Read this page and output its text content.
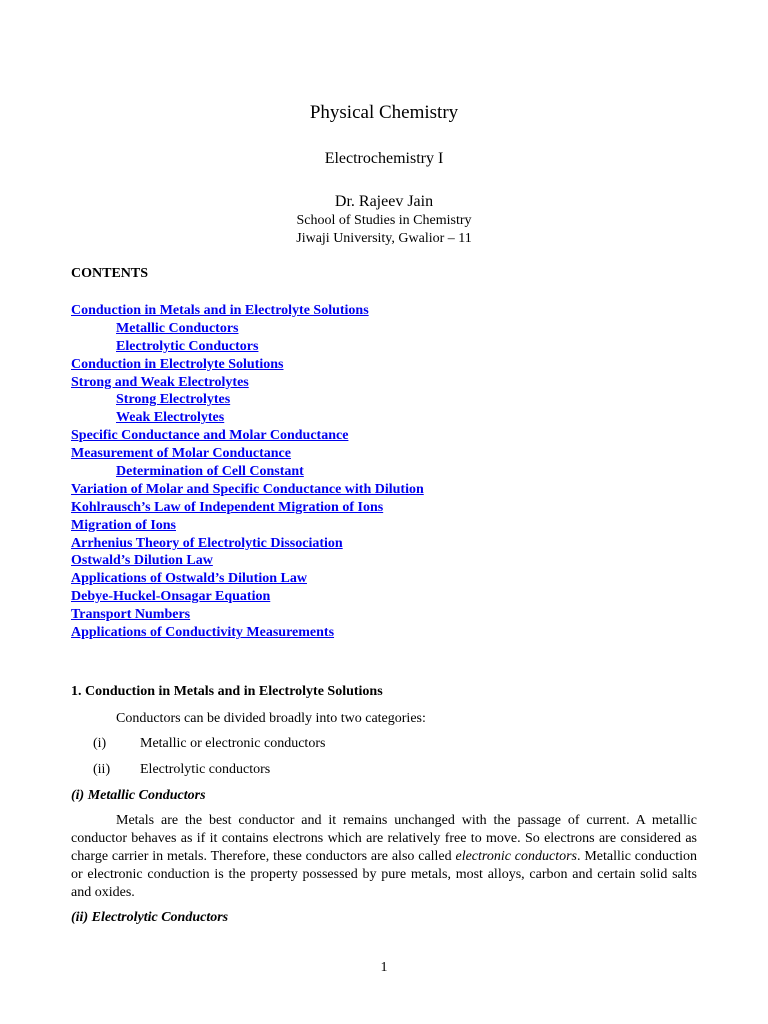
Physical Chemistry
Electrochemistry I
Dr. Rajeev Jain
School of Studies in Chemistry
Jiwaji University, Gwalior – 11
CONTENTS
Conduction in Metals and in Electrolyte Solutions
Metallic Conductors
Electrolytic Conductors
Conduction in Electrolyte Solutions
Strong and Weak Electrolytes
Strong Electrolytes
Weak Electrolytes
Specific Conductance and Molar Conductance
Measurement of Molar Conductance
Determination of Cell Constant
Variation of Molar and Specific Conductance with Dilution
Kohlrausch’s Law of Independent Migration of Ions
Migration of Ions
Arrhenius Theory of Electrolytic Dissociation
Ostwald’s Dilution Law
Applications of Ostwald’s Dilution Law
Debye-Huckel-Onsagar Equation
Transport Numbers
Applications of Conductivity Measurements
1. Conduction in Metals and in Electrolyte Solutions
Conductors can be divided broadly into two categories:
(i) Metallic or electronic conductors
(ii) Electrolytic conductors
(i) Metallic Conductors

Metals are the best conductor and it remains unchanged with the passage of current. A metallic conductor behaves as if it contains electrons which are relatively free to move. So electrons are considered as charge carrier in metals. Therefore, these conductors are also called electronic conductors. Metallic conduction or electronic conduction is the property possessed by pure metals, most alloys, carbon and certain solid salts and oxides.

(ii) Electrolytic Conductors
1
